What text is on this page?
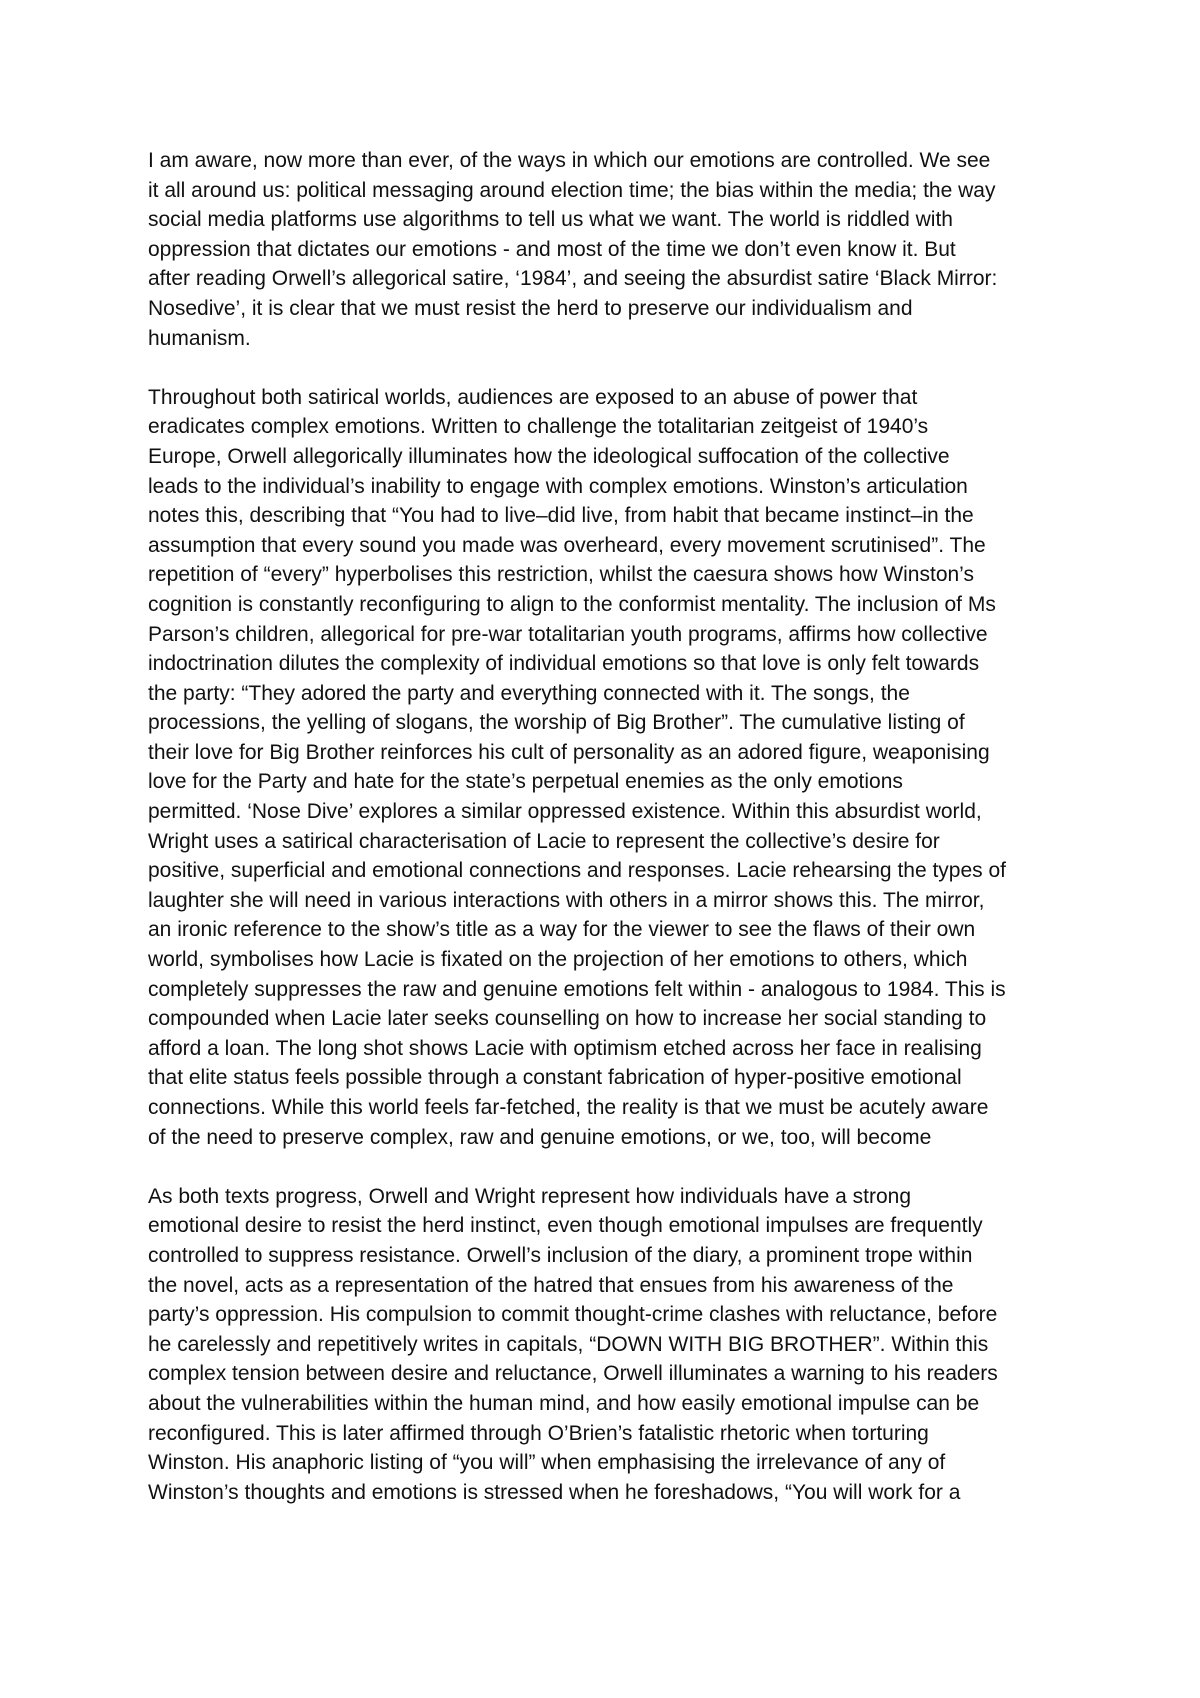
I am aware, now more than ever, of the ways in which our emotions are controlled. We see
it all around us: political messaging around election time; the bias within the media; the way
social media platforms use algorithms to tell us what we want. The world is riddled with
oppression that dictates our emotions - and most of the time we don’t even know it. But
after reading Orwell’s allegorical satire, ‘1984’, and seeing the absurdist satire ‘Black Mirror:
Nosedive’, it is clear that we must resist the herd to preserve our individualism and
humanism.
Throughout both satirical worlds, audiences are exposed to an abuse of power that
eradicates complex emotions. Written to challenge the totalitarian zeitgeist of 1940’s
Europe, Orwell allegorically illuminates how the ideological suffocation of the collective
leads to the individual’s inability to engage with complex emotions. Winston’s articulation
notes this, describing that “You had to live–did live, from habit that became instinct–in the
assumption that every sound you made was overheard, every movement scrutinised”. The
repetition of “every” hyperbolises this restriction, whilst the caesura shows how Winston’s
cognition is constantly reconfiguring to align to the conformist mentality. The inclusion of Ms
Parson’s children, allegorical for pre-war totalitarian youth programs, affirms how collective
indoctrination dilutes the complexity of individual emotions so that love is only felt towards
the party: “They adored the party and everything connected with it. The songs, the
processions, the yelling of slogans, the worship of Big Brother”. The cumulative listing of
their love for Big Brother reinforces his cult of personality as an adored figure, weaponising
love for the Party and hate for the state’s perpetual enemies as the only emotions
permitted. ‘Nose Dive’ explores a similar oppressed existence. Within this absurdist world,
Wright uses a satirical characterisation of Lacie to represent the collective’s desire for
positive, superficial and emotional connections and responses. Lacie rehearsing the types of
laughter she will need in various interactions with others in a mirror shows this. The mirror,
an ironic reference to the show’s title as a way for the viewer to see the flaws of their own
world, symbolises how Lacie is fixated on the projection of her emotions to others, which
completely suppresses the raw and genuine emotions felt within - analogous to 1984. This is
compounded when Lacie later seeks counselling on how to increase her social standing to
afford a loan. The long shot shows Lacie with optimism etched across her face in realising
that elite status feels possible through a constant fabrication of hyper-positive emotional
connections. While this world feels far-fetched, the reality is that we must be acutely aware
of the need to preserve complex, raw and genuine emotions, or we, too, will become
As both texts progress, Orwell and Wright represent how individuals have a strong
emotional desire to resist the herd instinct, even though emotional impulses are frequently
controlled to suppress resistance. Orwell’s inclusion of the diary, a prominent trope within
the novel, acts as a representation of the hatred that ensues from his awareness of the
party’s oppression. His compulsion to commit thought-crime clashes with reluctance, before
he carelessly and repetitively writes in capitals, “DOWN WITH BIG BROTHER”. Within this
complex tension between desire and reluctance, Orwell illuminates a warning to his readers
about the vulnerabilities within the human mind, and how easily emotional impulse can be
reconfigured. This is later affirmed through O’Brien’s fatalistic rhetoric when torturing
Winston. His anaphoric listing of “you will” when emphasising the irrelevance of any of
Winston’s thoughts and emotions is stressed when he foreshadows, “You will work for a
